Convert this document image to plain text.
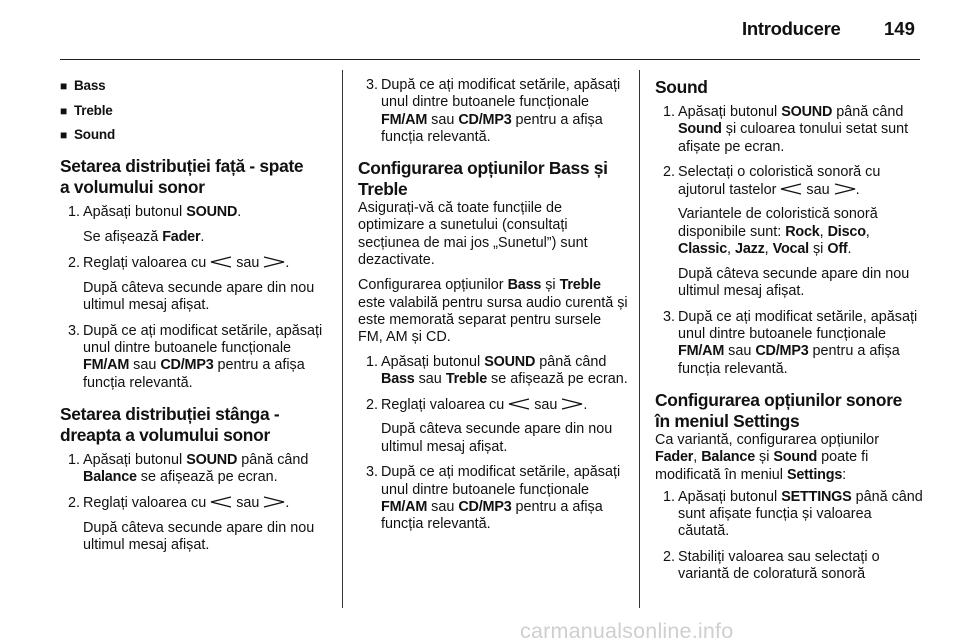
Introducere 149

■ Bass

■ Treble

■ Sound

Setarea distribuției față - spate
a volumului sonor
1. Apăsați butonul SOUND.

Se afișează Fader.

2. Reglați valoarea cu  sau .

După câteva secunde apare din nou ultimul mesaj afișat.

3. După ce ați modificat setările, apăsați unul dintre butoanele funcționale FM/AM sau CD/MP3 pentru a afișa funcția relevantă.
Setarea distribuției stânga -
dreapta a volumului sonor
1. Apăsați butonul SOUND până când Balance se afișează pe ecran.
2. Reglați valoarea cu  sau .

După câteva secunde apare din nou ultimul mesaj afișat.

3. După ce ați modificat setările, apăsați unul dintre butoanele funcționale FM/AM sau CD/MP3 pentru a afișa funcția relevantă.
Configurarea opțiunilor Bass și
Treble

Asigurați-vă că toate funcțiile de optimizare a sunetului (consultați secțiunea de mai jos „Sunetul”) sunt dezactivate.

Configurarea opțiunilor Bass și Treble este valabilă pentru sursa audio curentă și este memorată separat pentru sursele FM, AM și CD.

1. Apăsați butonul SOUND până când Bass sau Treble se afișează pe ecran.
2. Reglați valoarea cu  sau .

După câteva secunde apare din nou ultimul mesaj afișat.

3. După ce ați modificat setările, apăsați unul dintre butoanele funcționale FM/AM sau CD/MP3 pentru a afișa funcția relevantă.
Sound
1. Apăsați butonul SOUND până când Sound și culoarea tonului setat sunt afișate pe ecran.
2. Selectați o coloristică sonoră cu ajutorul tastelor  sau .

Variantele de coloristică sonoră disponibile sunt: Rock, Disco, Classic, Jazz, Vocal și Off.

După câteva secunde apare din nou ultimul mesaj afișat.

3. După ce ați modificat setările, apăsați unul dintre butoanele funcționale FM/AM sau CD/MP3 pentru a afișa funcția relevantă.
Configurarea opțiunilor sonore
în meniul Settings

Ca variantă, configurarea opțiunilor Fader, Balance și Sound poate fi modificată în meniul Settings:

1. Apăsați butonul SETTINGS până când sunt afișate funcția și valoarea căutată.
2. Stabiliți valoarea sau selectați o variantă de coloratură sonoră
carmanualsonline.info
